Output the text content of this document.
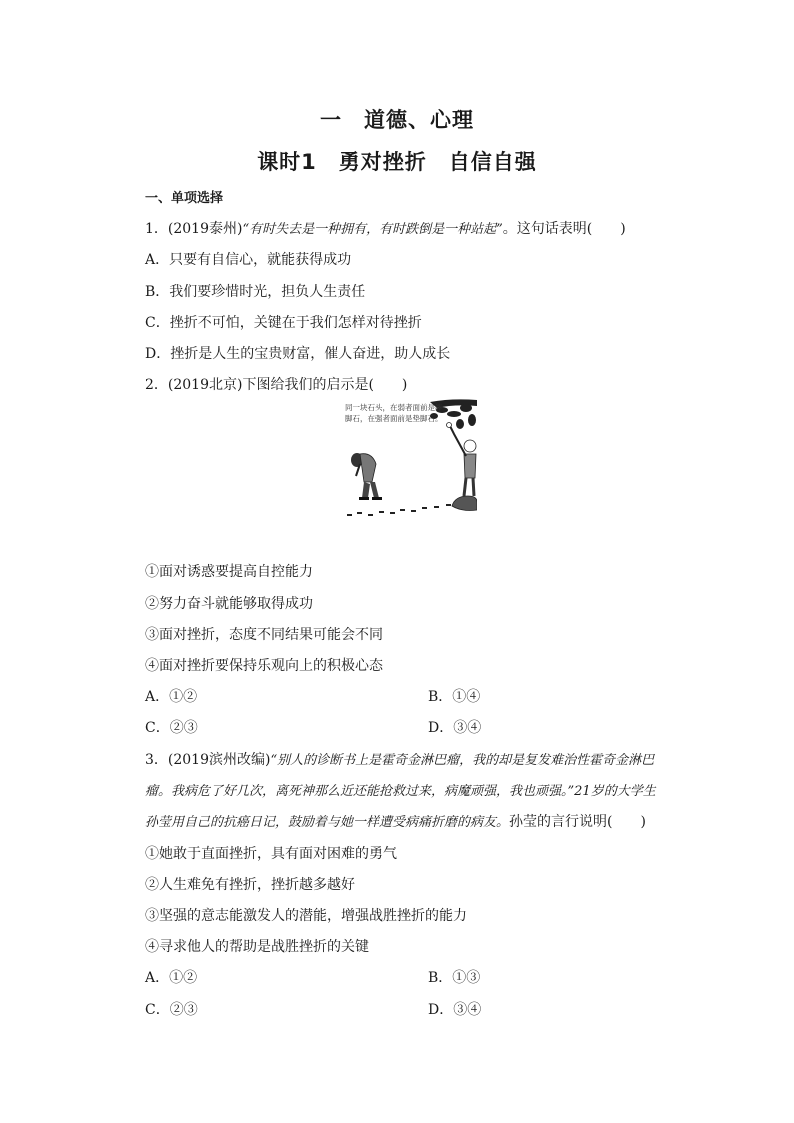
一　道德、心理
课时1　勇对挫折　自信自强
一、单项选择
1．(2019泰州)“有时失去是一种拥有，有时跌倒是一种站起”。这句话表明(　　)
A．只要有自信心，就能获得成功
B．我们要珍惜时光，担负人生责任
C．挫折不可怕，关键在于我们怎样对待挫折
D．挫折是人生的宝贵财富，催人奋进，助人成长
2．(2019北京)下图给我们的启示是(　　)
同一块石头，在弱者面前是绊
脚石，在强者面前是垫脚石。
①面对诱惑要提高自控能力
②努力奋斗就能够取得成功
③面对挫折，态度不同结果可能会不同
④面对挫折要保持乐观向上的积极心态
A．①②	B．①④
C．②③	D．③④
3．(2019滨州改编)“别人的诊断书上是霍奇金淋巴瘤，我的却是复发难治性霍奇金淋巴
瘤。我病危了好几次，离死神那么近还能抢救过来，病魔顽强，我也顽强。”21岁的大学生
孙莹用自己的抗癌日记，鼓励着与她一样遭受病痛折磨的病友。孙莹的言行说明(　　)
①她敢于直面挫折，具有面对困难的勇气
②人生难免有挫折，挫折越多越好
③坚强的意志能激发人的潜能，增强战胜挫折的能力
④寻求他人的帮助是战胜挫折的关键
A．①②	B．①③
C．②③	D．③④
